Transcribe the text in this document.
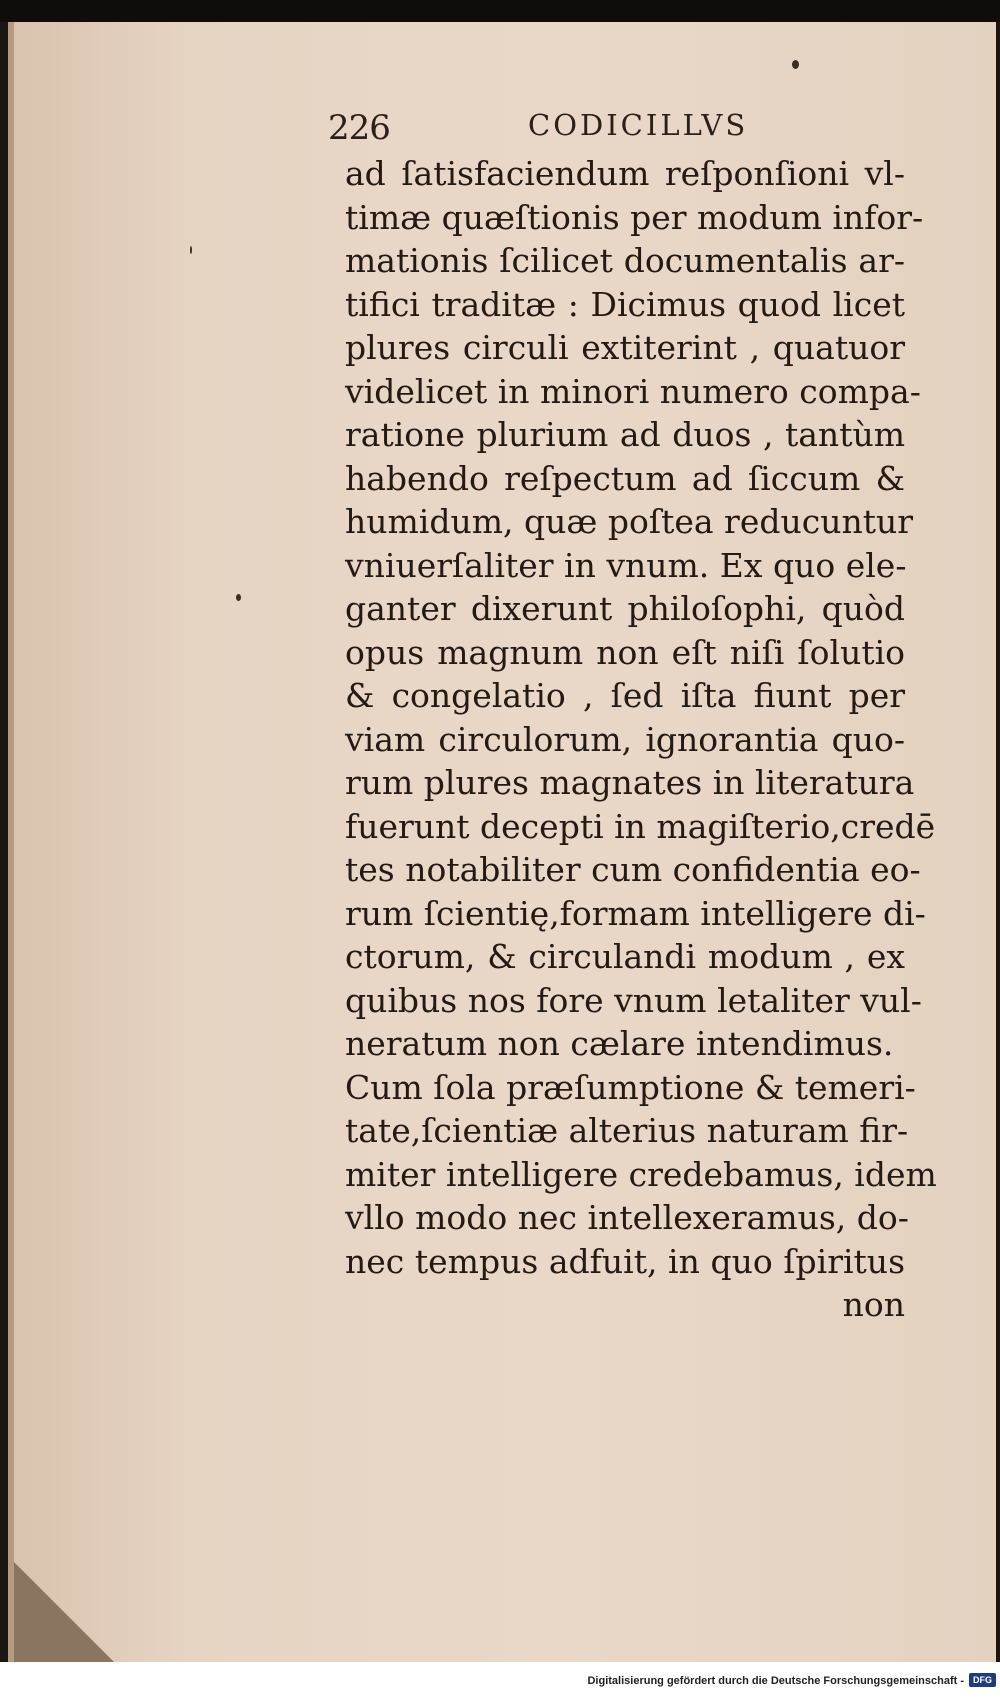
226	CODICILLVS
ad ſatisfaciendum reſponſioni vl-
timæ quæſtionis per modum infor-
mationis ſcilicet documentalis ar-
tifici traditæ : Dicimus quod licet
plures circuli extiterint , quatuor
videlicet in minori numero compa-
ratione plurium ad duos , tantùm
habendo reſpectum ad ſiccum &
humidum, quæ poſtea reducuntur
vniuerſaliter in vnum. Ex quo ele-
ganter dixerunt philoſophi, quòd
opus magnum non eſt niſi ſolutio
& congelatio , ſed iſta fiunt per
viam circulorum, ignorantia quo-
rum plures magnates in literatura
fuerunt decepti in magiſterio,credē
tes notabiliter cum confidentia eo-
rum ſcientię,formam intelligere di-
ctorum, & circulandi modum , ex
quibus nos fore vnum letaliter vul-
neratum non cælare intendimus.
Cum ſola præſumptione & temeri-
tate,ſcientiæ alterius naturam fir-
miter intelligere credebamus, idem
vllo modo nec intellexeramus, do-
nec tempus adfuit, in quo ſpiritus
non
Digitalisierung gefördert durch die Deutsche Forschungsgemeinschaft -	DFG
